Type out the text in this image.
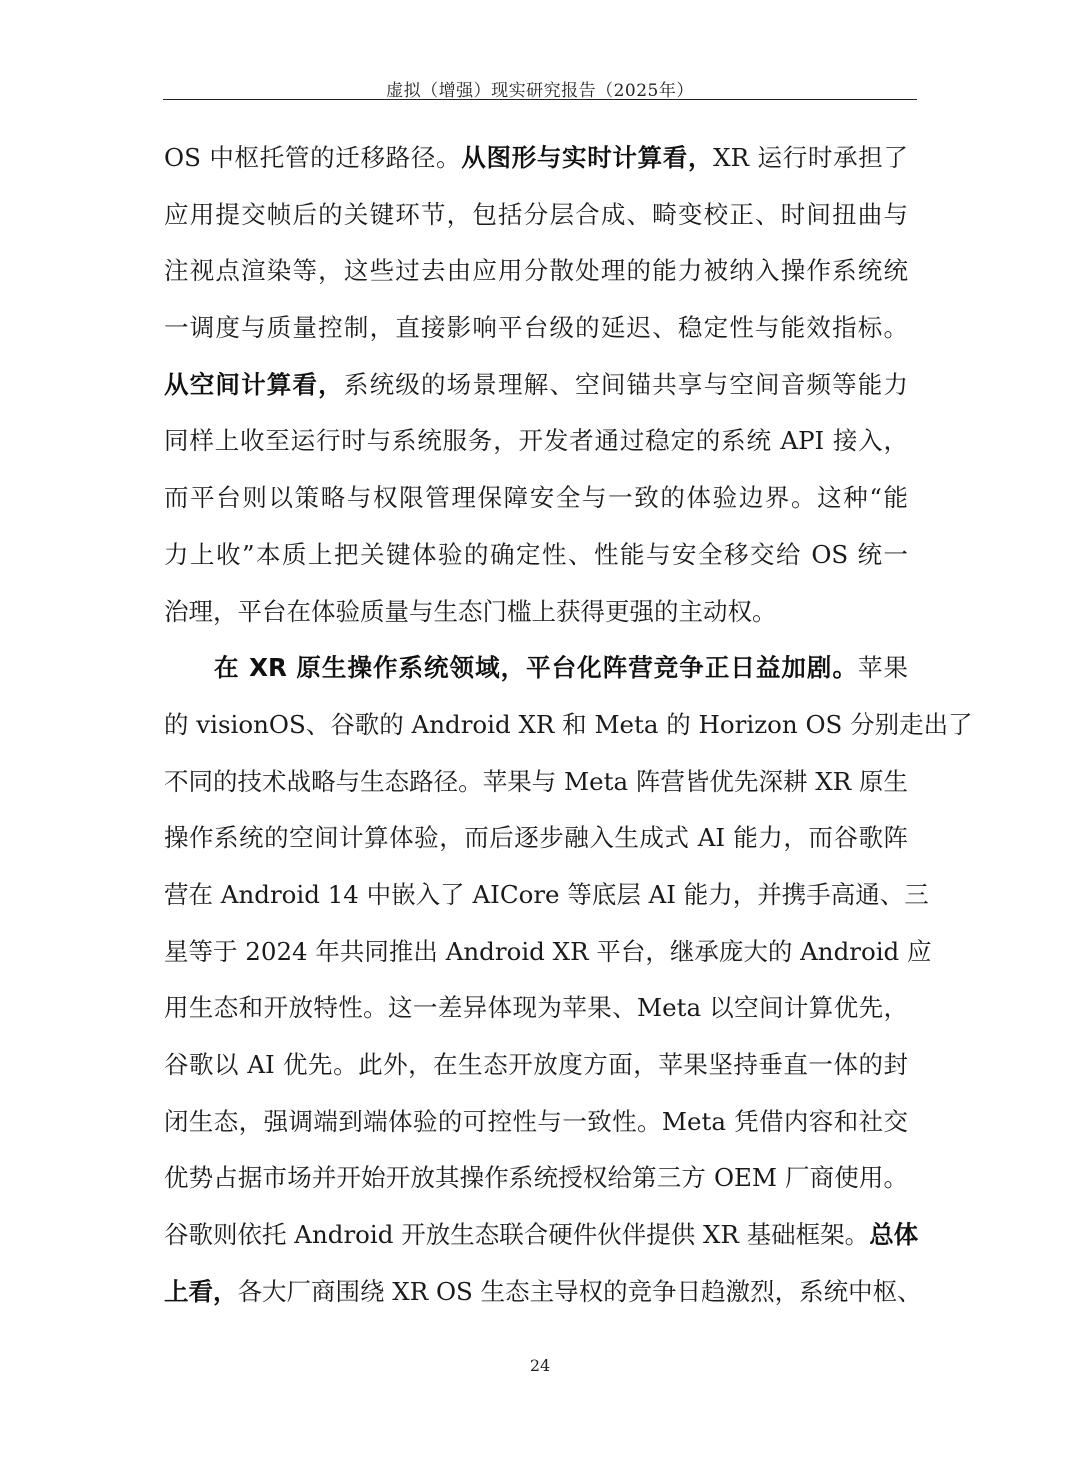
虚拟（增强）现实研究报告（2025年）
OS 中枢托管的迁移路径。从图形与实时计算看，XR 运行时承担了
应用提交帧后的关键环节，包括分层合成、畸变校正、时间扭曲与
注视点渲染等，这些过去由应用分散处理的能力被纳入操作系统统
一调度与质量控制，直接影响平台级的延迟、稳定性与能效指标。
从空间计算看，系统级的场景理解、空间锚共享与空间音频等能力
同样上收至运行时与系统服务，开发者通过稳定的系统 API 接入，
而平台则以策略与权限管理保障安全与一致的体验边界。这种“能
力上收”本质上把关键体验的确定性、性能与安全移交给 OS 统一
治理，平台在体验质量与生态门槛上获得更强的主动权。
在 XR 原生操作系统领域，平台化阵营竞争正日益加剧。苹果
的 visionOS、谷歌的 Android XR 和 Meta 的 Horizon OS 分别走出了
不同的技术战略与生态路径。苹果与 Meta 阵营皆优先深耕 XR 原生
操作系统的空间计算体验，而后逐步融入生成式 AI 能力，而谷歌阵
营在 Android 14 中嵌入了 AICore 等底层 AI 能力，并携手高通、三
星等于 2024 年共同推出 Android XR 平台，继承庞大的 Android 应
用生态和开放特性。这一差异体现为苹果、Meta 以空间计算优先，
谷歌以 AI 优先。此外，在生态开放度方面，苹果坚持垂直一体的封
闭生态，强调端到端体验的可控性与一致性。Meta 凭借内容和社交
优势占据市场并开始开放其操作系统授权给第三方 OEM 厂商使用。
谷歌则依托 Android 开放生态联合硬件伙伴提供 XR 基础框架。总体
上看，各大厂商围绕 XR OS 生态主导权的竞争日趋激烈，系统中枢、
24
